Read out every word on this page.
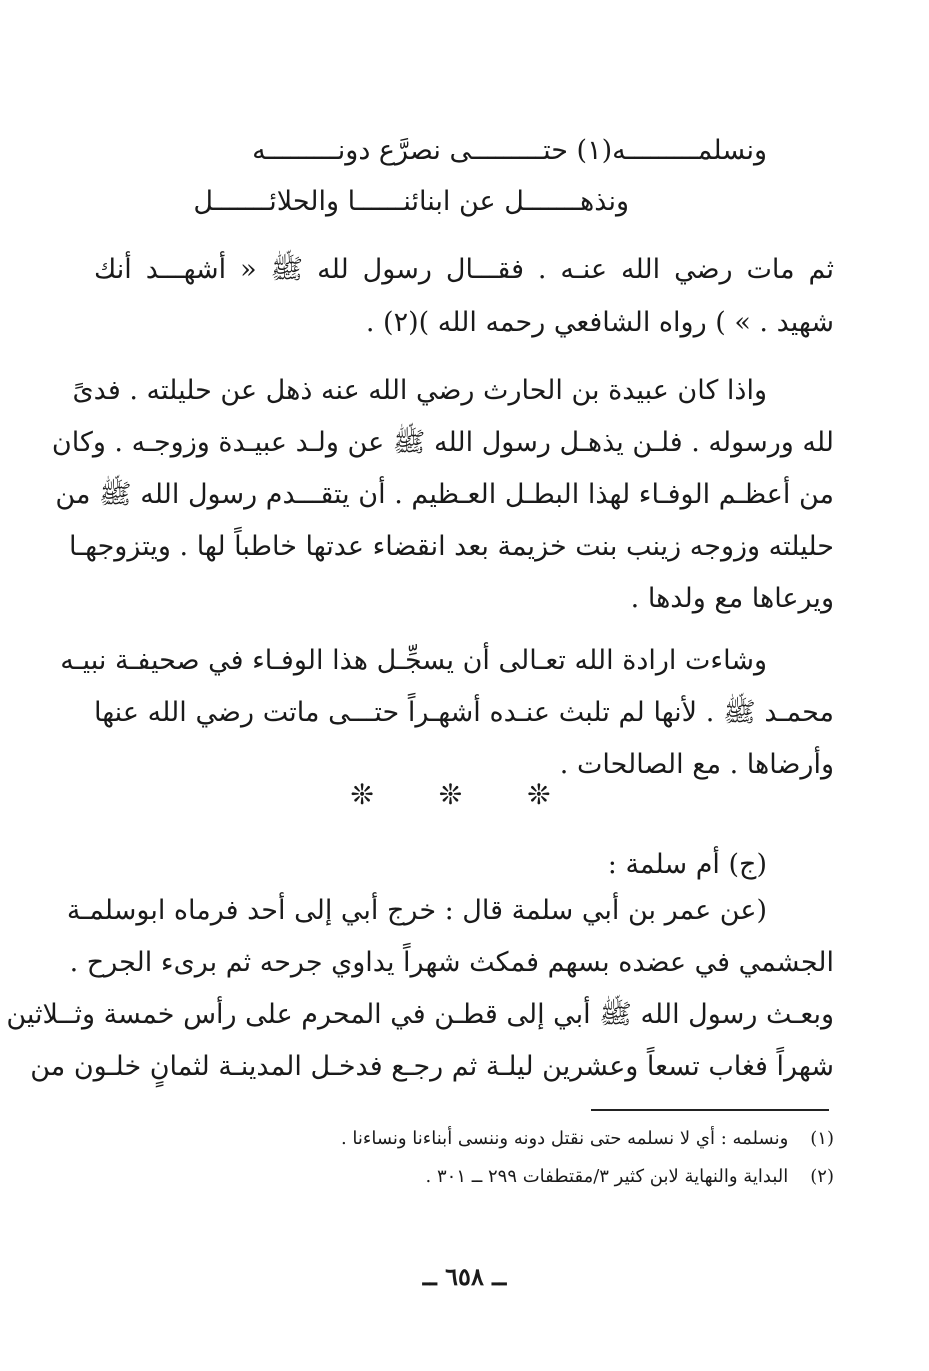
ونسلمـــــــــه(١) حتـــــــــى نصرَّع دونـــــــــه
ونذهـــــــل عن ابنائنــــــا والحلائـــــــل
ثم مات رضي الله عنـه . فقـــال رسول لله ﷺ « أشهـــد أنك
شهيد . » ) رواه الشافعي رحمه الله )(٢) .
واذا كان عبيدة بن الحارث رضي الله عنه ذهل عن حليلته . فدىً
لله ورسوله . فلـن يذهـل رسول الله ﷺ عن ولـد عبيـدة وزوجـه . وكان
من أعظـم الوفـاء لهذا البطـل العـظيم . أن يتقـــدم رسول الله ﷺ من
حليلته وزوجه زينب بنت خزيمة بعد انقضاء عدتها خاطباً لها . ويتزوجهـا
ويرعاها مع ولدها .
وشاءت ارادة الله تعـالى أن يسجِّـل هذا الوفـاء في صحيفـة نبيـه
محمـد ﷺ . لأنها لم تلبث عنـده أشهـراً حتـــى ماتت رضي الله عنها
وأرضاها . مع الصالحات .
❊ ❊ ❊
(ج) أم سلمة :
(عن عمر بن أبي سلمة قال : خرج أبي إلى أحد فرماه ابوسلمـة
الجشمي في عضده بسهم فمكث شهراً يداوي جرحه ثم برىء الجرح .
وبعـث رسول الله ﷺ أبي إلى قطـن في المحرم على رأس خمسة وثــلاثين
شهراً فغاب تسعاً وعشرين ليلـة ثم رجـع فدخـل المدينـة لثمانٍ خلـون من
(١) ونسلمه : أي لا نسلمه حتى نقتل دونه وننسى أبناءنا ونساءنا .
(٢) البداية والنهاية لابن كثير ٣/مقتطفات ٢٩٩ ــ ٣٠١ .
ــ ٦٥٨ ــ
